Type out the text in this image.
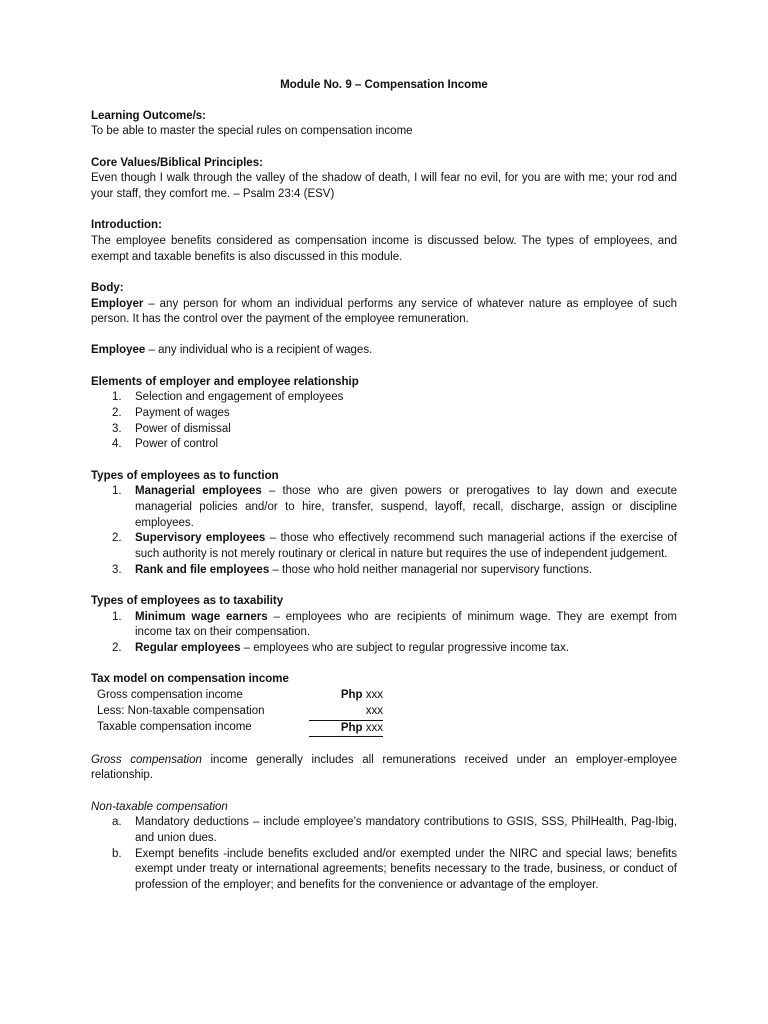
Module No. 9 – Compensation Income
Learning Outcome/s:
To be able to master the special rules on compensation income
Core Values/Biblical Principles:
Even though I walk through the valley of the shadow of death, I will fear no evil, for you are with me; your rod and your staff, they comfort me. – Psalm 23:4 (ESV)
Introduction:
The employee benefits considered as compensation income is discussed below. The types of employees, and exempt and taxable benefits is also discussed in this module.
Body:
Employer – any person for whom an individual performs any service of whatever nature as employee of such person. It has the control over the payment of the employee remuneration.
Employee – any individual who is a recipient of wages.
Elements of employer and employee relationship
1. Selection and engagement of employees
2. Payment of wages
3. Power of dismissal
4. Power of control
Types of employees as to function
1. Managerial employees – those who are given powers or prerogatives to lay down and execute managerial policies and/or to hire, transfer, suspend, layoff, recall, discharge, assign or discipline employees.
2. Supervisory employees – those who effectively recommend such managerial actions if the exercise of such authority is not merely routinary or clerical in nature but requires the use of independent judgement.
3. Rank and file employees – those who hold neither managerial nor supervisory functions.
Types of employees as to taxability
1. Minimum wage earners – employees who are recipients of minimum wage. They are exempt from income tax on their compensation.
2. Regular employees – employees who are subject to regular progressive income tax.
Tax model on compensation income
Gross compensation income	Php xxx
Less: Non-taxable compensation	xxx
Taxable compensation income	Php xxx
Gross compensation income generally includes all remunerations received under an employer-employee relationship.
Non-taxable compensation
a. Mandatory deductions – include employee’s mandatory contributions to GSIS, SSS, PhilHealth, Pag-Ibig, and union dues.
b. Exempt benefits -include benefits excluded and/or exempted under the NIRC and special laws; benefits exempt under treaty or international agreements; benefits necessary to the trade, business, or conduct of profession of the employer; and benefits for the convenience or advantage of the employer.
